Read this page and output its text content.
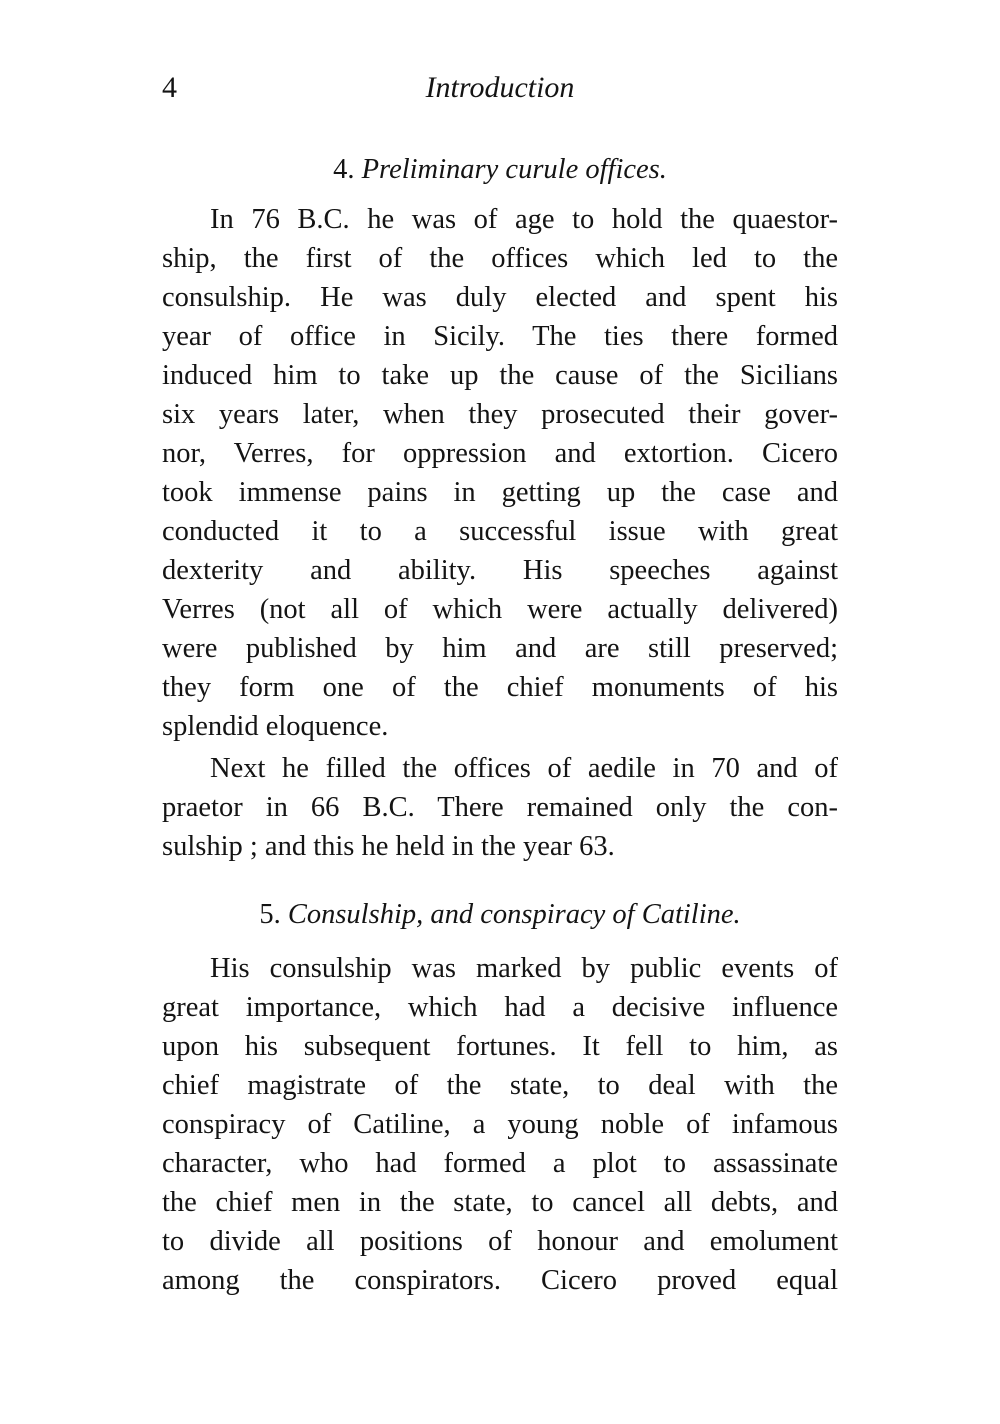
4	Introduction
4. Preliminary curule offices.
In 76 B.C. he was of age to hold the quaestor-
ship, the first of the offices which led to the
consulship. He was duly elected and spent his
year of office in Sicily. The ties there formed
induced him to take up the cause of the Sicilians
six years later, when they prosecuted their gover-
nor, Verres, for oppression and extortion. Cicero
took immense pains in getting up the case and
conducted it to a successful issue with great
dexterity and ability. His speeches against
Verres (not all of which were actually delivered)
were published by him and are still preserved;
they form one of the chief monuments of his
splendid eloquence.
Next he filled the offices of aedile in 70 and of
praetor in 66 B.C. There remained only the con-
sulship ; and this he held in the year 63.
5. Consulship, and conspiracy of Catiline.
His consulship was marked by public events of
great importance, which had a decisive influence
upon his subsequent fortunes. It fell to him, as
chief magistrate of the state, to deal with the
conspiracy of Catiline, a young noble of infamous
character, who had formed a plot to assassinate
the chief men in the state, to cancel all debts, and
to divide all positions of honour and emolument
among the conspirators. Cicero proved equal
